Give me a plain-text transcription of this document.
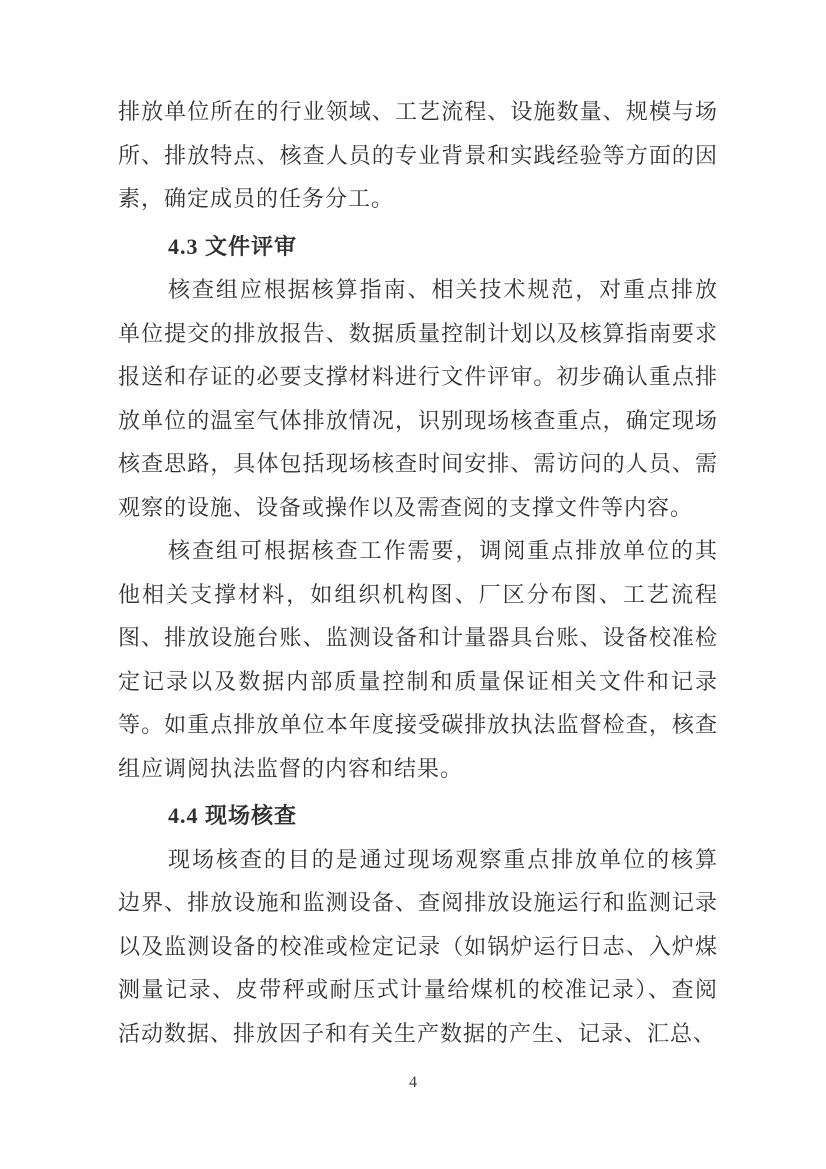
排放单位所在的行业领域、工艺流程、设施数量、规模与场所、排放特点、核查人员的专业背景和实践经验等方面的因素，确定成员的任务分工。

4.3 文件评审

核查组应根据核算指南、相关技术规范，对重点排放单位提交的排放报告、数据质量控制计划以及核算指南要求报送和存证的必要支撑材料进行文件评审。初步确认重点排放单位的温室气体排放情况，识别现场核查重点，确定现场核查思路，具体包括现场核查时间安排、需访问的人员、需观察的设施、设备或操作以及需查阅的支撑文件等内容。

核查组可根据核查工作需要，调阅重点排放单位的其他相关支撑材料，如组织机构图、厂区分布图、工艺流程图、排放设施台账、监测设备和计量器具台账、设备校准检定记录以及数据内部质量控制和质量保证相关文件和记录等。如重点排放单位本年度接受碳排放执法监督检查，核查组应调阅执法监督的内容和结果。

4.4 现场核查

现场核查的目的是通过现场观察重点排放单位的核算边界、排放设施和监测设备、查阅排放设施运行和监测记录以及监测设备的校准或检定记录（如锅炉运行日志、入炉煤测量记录、皮带秤或耐压式计量给煤机的校准记录）、查阅活动数据、排放因子和有关生产数据的产生、记录、汇总、

4
